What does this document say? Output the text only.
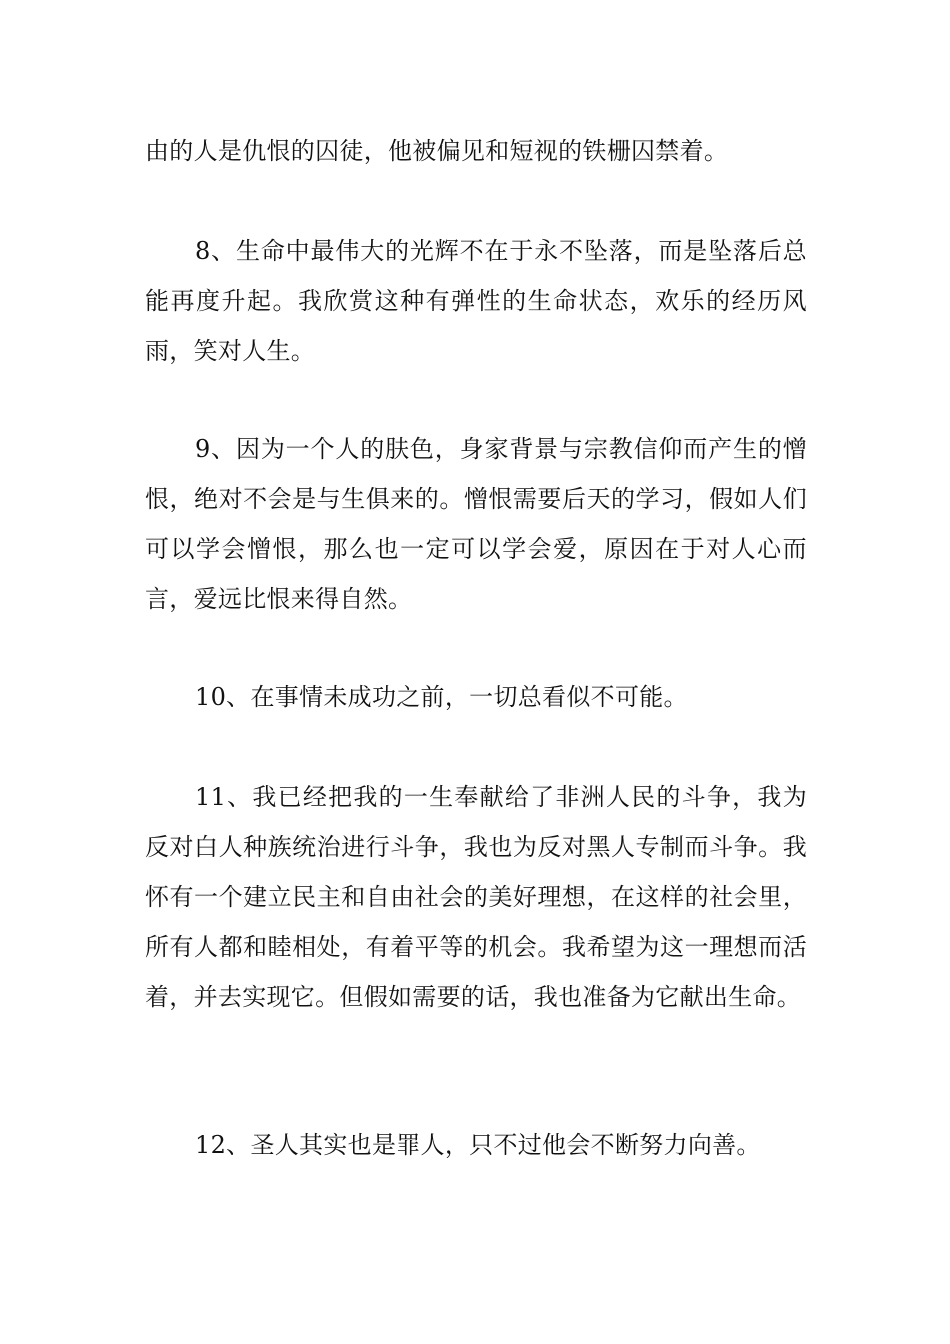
由的人是仇恨的囚徒，他被偏见和短视的铁栅囚禁着。

8、生命中最伟大的光辉不在于永不坠落，而是坠落后总能再度升起。我欣赏这种有弹性的生命状态，欢乐的经历风雨，笑对人生。

9、因为一个人的肤色，身家背景与宗教信仰而产生的憎恨，绝对不会是与生俱来的。憎恨需要后天的学习，假如人们可以学会憎恨，那么也一定可以学会爱，原因在于对人心而言，爱远比恨来得自然。

10、在事情未成功之前，一切总看似不可能。

11、我已经把我的一生奉献给了非洲人民的斗争，我为反对白人种族统治进行斗争，我也为反对黑人专制而斗争。我怀有一个建立民主和自由社会的美好理想，在这样的社会里，所有人都和睦相处，有着平等的机会。我希望为这一理想而活着，并去实现它。但假如需要的话，我也准备为它献出生命。

12、圣人其实也是罪人，只不过他会不断努力向善。
